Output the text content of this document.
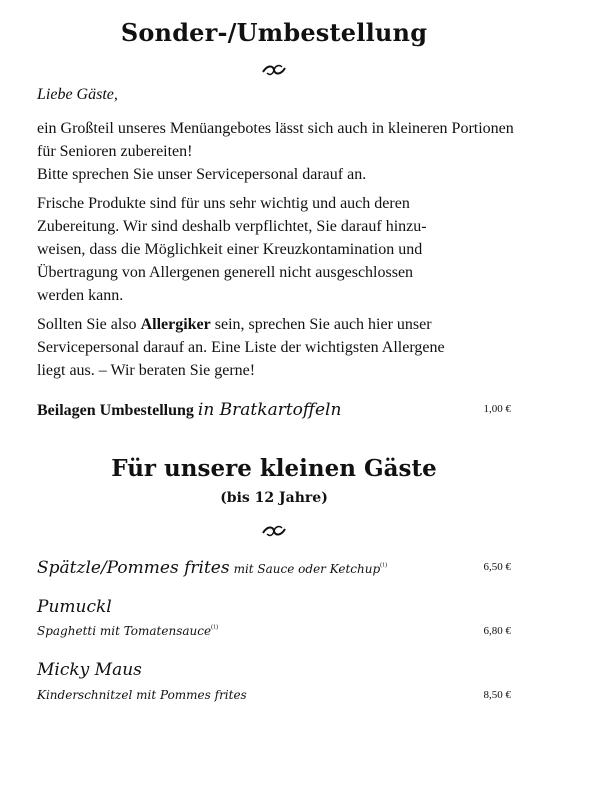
Sonder-/Umbestellung
Liebe Gäste,

ein Großteil unseres Menüangebotes lässt sich auch in kleineren Portionen für Senioren zubereiten!

Bitte sprechen Sie unser Servicepersonal darauf an.

Frische Produkte sind für uns sehr wichtig und auch deren

Zubereitung. Wir sind deshalb verpflichtet, Sie darauf hinzu-

weisen, dass die Möglichkeit einer Kreuzkontamination und

Übertragung von Allergenen generell nicht ausgeschlossen

werden kann.

Sollten Sie also Allergiker sein, sprechen Sie auch hier unser

Servicepersonal darauf an. Eine Liste der wichtigsten Allergene

liegt aus. – Wir beraten Sie gerne!

Beilagen Umbestellung in Bratkartoffeln	1,00 €
Für unsere kleinen Gäste
(bis 12 Jahre)
Spätzle/Pommes frites mit Sauce oder Ketchup$^{(1)}$	6,50 €
Pumuckl
Spaghetti mit Tomatensauce$^{(1)}$	6,80 €
Micky Maus
Kinderschnitzel mit Pommes frites	8,50 €
